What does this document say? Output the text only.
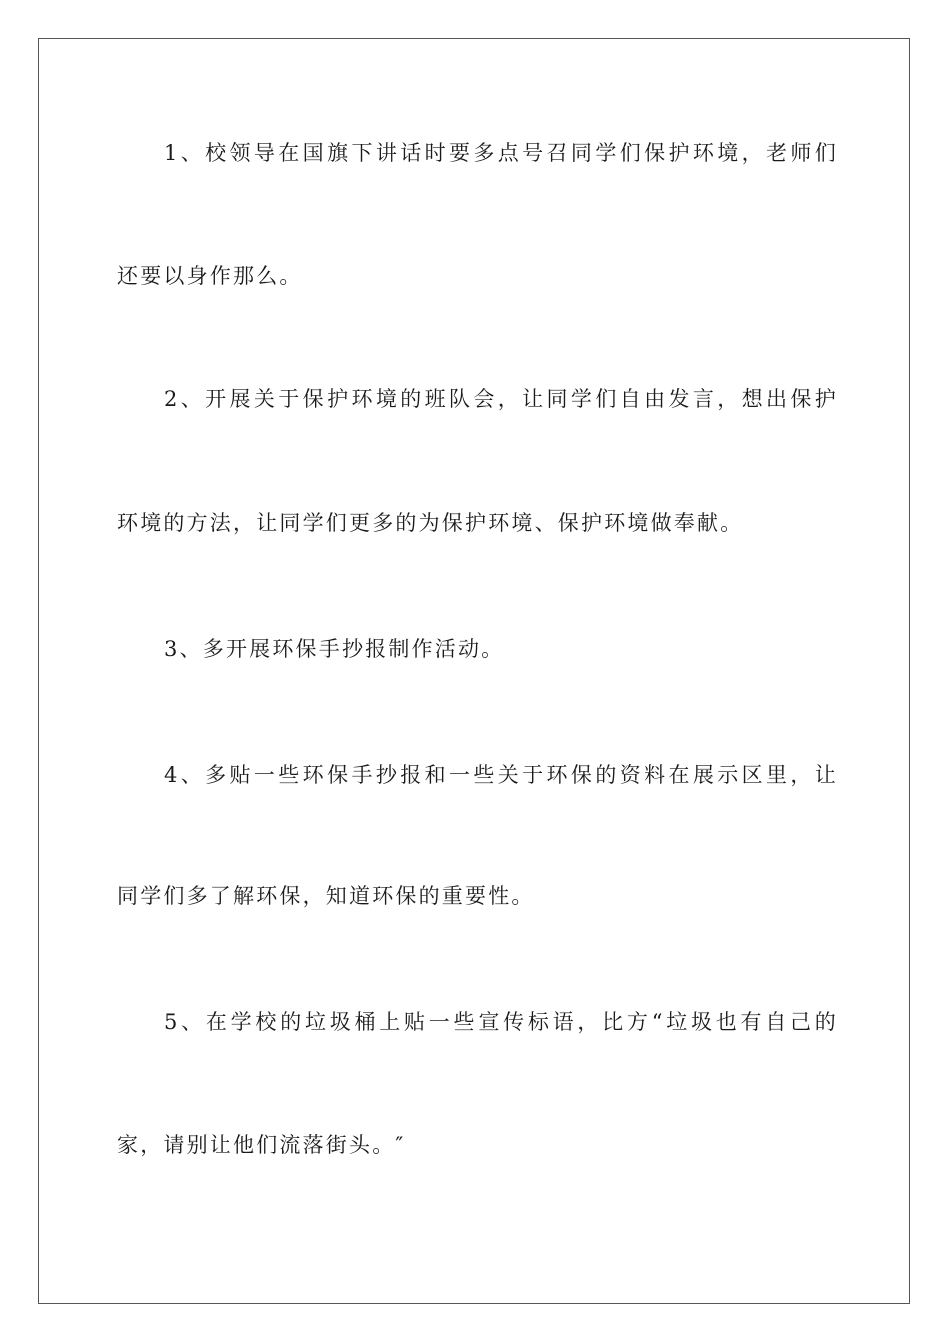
1、校领导在国旗下讲话时要多点号召同学们保护环境，老师们
还要以身作那么。
2、开展关于保护环境的班队会，让同学们自由发言，想出保护
环境的方法，让同学们更多的为保护环境、保护环境做奉献。
3、多开展环保手抄报制作活动。
4、多贴一些环保手抄报和一些关于环保的资料在展示区里，让
同学们多了解环保，知道环保的重要性。
5、在学校的垃圾桶上贴一些宣传标语，比方“垃圾也有自己的
家，请别让他们流落街头。″
